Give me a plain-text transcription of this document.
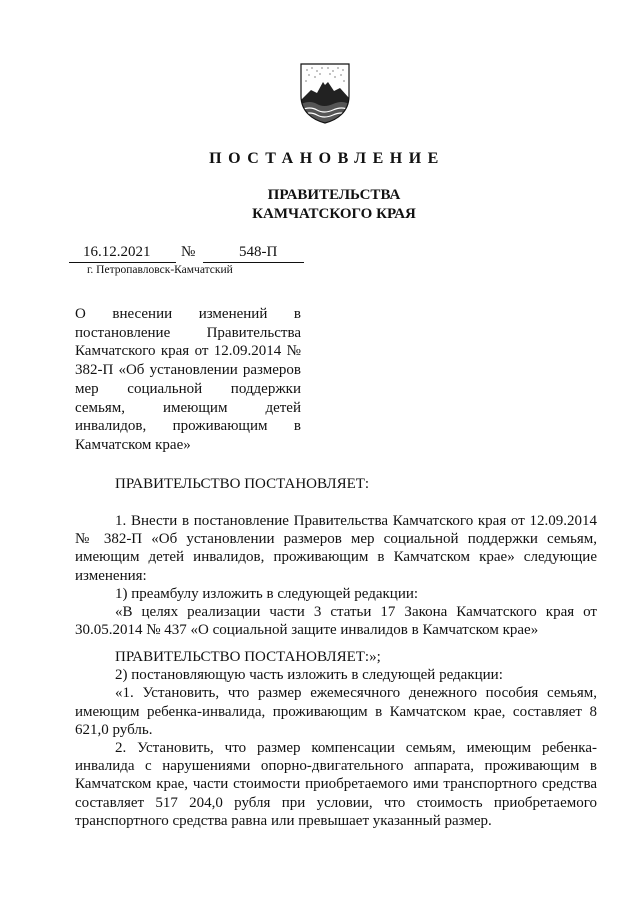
ПОСТАНОВЛЕНИЕ
ПРАВИТЕЛЬСТВА
КАМЧАТСКОГО КРАЯ
16.12.2021 №	548-П
г. Петропавловск-Камчатский
О внесении изменений в постановление Правительства Камчатского края от 12.09.2014 № 382-П «Об установлении размеров мер социальной поддержки семьям, имеющим детей инвалидов, проживающим в Камчатском крае»
ПРАВИТЕЛЬСТВО ПОСТАНОВЛЯЕТ:

1. Внести в постановление Правительства Камчатского края от 12.09.2014 № 382-П «Об установлении размеров мер социальной поддержки семьям, имеющим детей инвалидов, проживающим в Камчатском крае» следующие изменения:

1) преамбулу изложить в следующей редакции:

«В целях реализации части 3 статьи 17 Закона Камчатского края от 30.05.2014 № 437 «О социальной защите инвалидов в Камчатском крае»

ПРАВИТЕЛЬСТВО ПОСТАНОВЛЯЕТ:»;

2) постановляющую часть изложить в следующей редакции:

«1. Установить, что размер ежемесячного денежного пособия семьям, имеющим ребенка-инвалида, проживающим в Камчатском крае, составляет 8 621,0 рубль.

2. Установить, что размер компенсации семьям, имеющим ребенка-инвалида с нарушениями опорно-двигательного аппарата, проживающим в Камчатском крае, части стоимости приобретаемого ими транспортного средства составляет 517 204,0 рубля при условии, что стоимость приобретаемого транспортного средства равна или превышает указанный размер.
